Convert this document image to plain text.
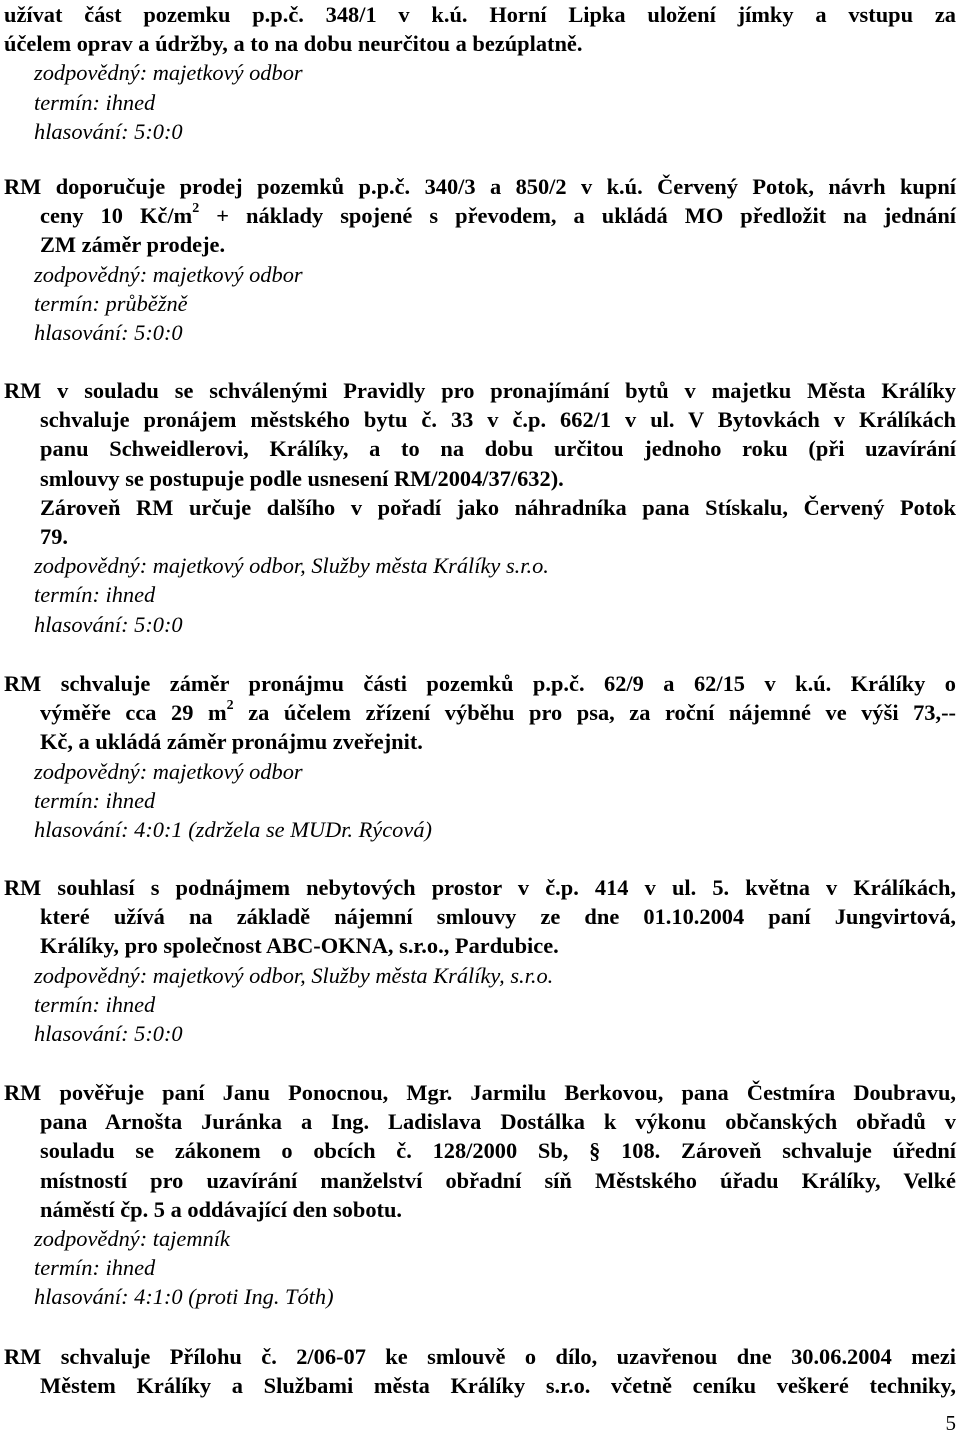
užívat část pozemku p.p.č. 348/1 v k.ú. Horní Lipka uložení jímky a vstupu za
účelem oprav a údržby, a to na dobu neurčitou a bezúplatně.

zodpovědný: majetkový odbor
termín: ihned
hlasování: 5:0:0

RM doporučuje prodej pozemků p.p.č. 340/3 a 850/2 v k.ú. Červený Potok, návrh kupní
ceny 10 $Kč/m^2$ + náklady spojené s převodem, a ukládá MO předložit na jednání
ZM záměr prodeje.

zodpovědný: majetkový odbor
termín: průběžně
hlasování: 5:0:0

RM v souladu se schválenými Pravidly pro pronajímání bytů v majetku Města Králíky
schvaluje pronájem městského bytu č. 33 v č.p. 662/1 v ul. V Bytovkách v Králíkách
panu Schweidlerovi, Králíky, a to na dobu určitou jednoho roku (při uzavírání
smlouvy se postupuje podle usnesení RM/2004/37/632).
Zároveň RM určuje dalšího v pořadí jako náhradníka pana Stískalu, Červený Potok
79.

zodpovědný: majetkový odbor, Služby města Králíky s.r.o.
termín: ihned
hlasování: 5:0:0

RM schvaluje záměr pronájmu části pozemků p.p.č. 62/9 a 62/15 v k.ú. Králíky o
výměře cca 29 $m^2$ za účelem zřízení výběhu pro psa, za roční nájemné ve výši 73,--
Kč, a ukládá záměr pronájmu zveřejnit.

zodpovědný: majetkový odbor
termín: ihned
hlasování: 4:0:1 (zdržela se MUDr. Rýcová)

RM souhlasí s podnájmem nebytových prostor v č.p. 414 v ul. 5. května v Králíkách,
které užívá na základě nájemní smlouvy ze dne 01.10.2004 paní Jungvirtová,
Králíky, pro společnost ABC-OKNA, s.r.o., Pardubice.

zodpovědný: majetkový odbor, Služby města Králíky, s.r.o.
termín: ihned
hlasování: 5:0:0

RM pověřuje paní Janu Ponocnou, Mgr. Jarmilu Berkovou, pana Čestmíra Doubravu,
pana Arnošta Juránka a Ing. Ladislava Dostálka k výkonu občanských obřadů v
souladu se zákonem o obcích č. 128/2000 Sb, § 108. Zároveň schvaluje úřední
místností pro uzavírání manželství obřadní síň Městského úřadu Králíky, Velké
náměstí čp. 5 a oddávající den sobotu.

zodpovědný: tajemník
termín: ihned
hlasování: 4:1:0 (proti Ing. Tóth)

RM schvaluje Přílohu č. 2/06-07 ke smlouvě o dílo, uzavřenou dne 30.06.2004 mezi
Městem Králíky a Službami města Králíky s.r.o. včetně ceníku veškeré techniky,

5
